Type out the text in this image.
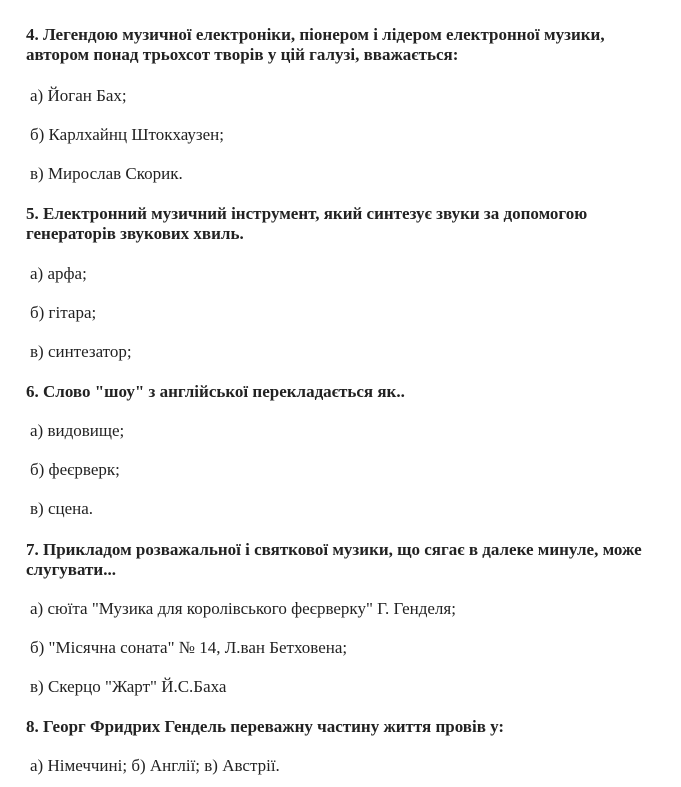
4. Легендою музичної електроніки, піонером і лідером електронної музики, автором понад трьохсот творів у цій галузі, вважається:

а) Йоган Бах;

б) Карлхайнц Штокхаузен;

в) Мирослав Скорик.

5. Електронний музичний інструмент, який синтезує звуки за допомогою генераторів звукових хвиль.

а) арфа;

б) гітара;

в) синтезатор;

6. Слово "шоу" з англійської перекладається як..

а) видовище;

б) феєрверк;

в) сцена.

7. Прикладом розважальної і святкової музики, що сягає в далеке минуле, може слугувати...

а) сюїта "Музика для королівського феєрверку" Г. Генделя;

б) "Місячна соната" № 14, Л.ван Бетховена;

в) Скерцо "Жарт" Й.С.Баха

8. Георг Фридрих Гендель переважну частину життя провів у:

а) Німеччині; б) Англії; в) Австрії.
